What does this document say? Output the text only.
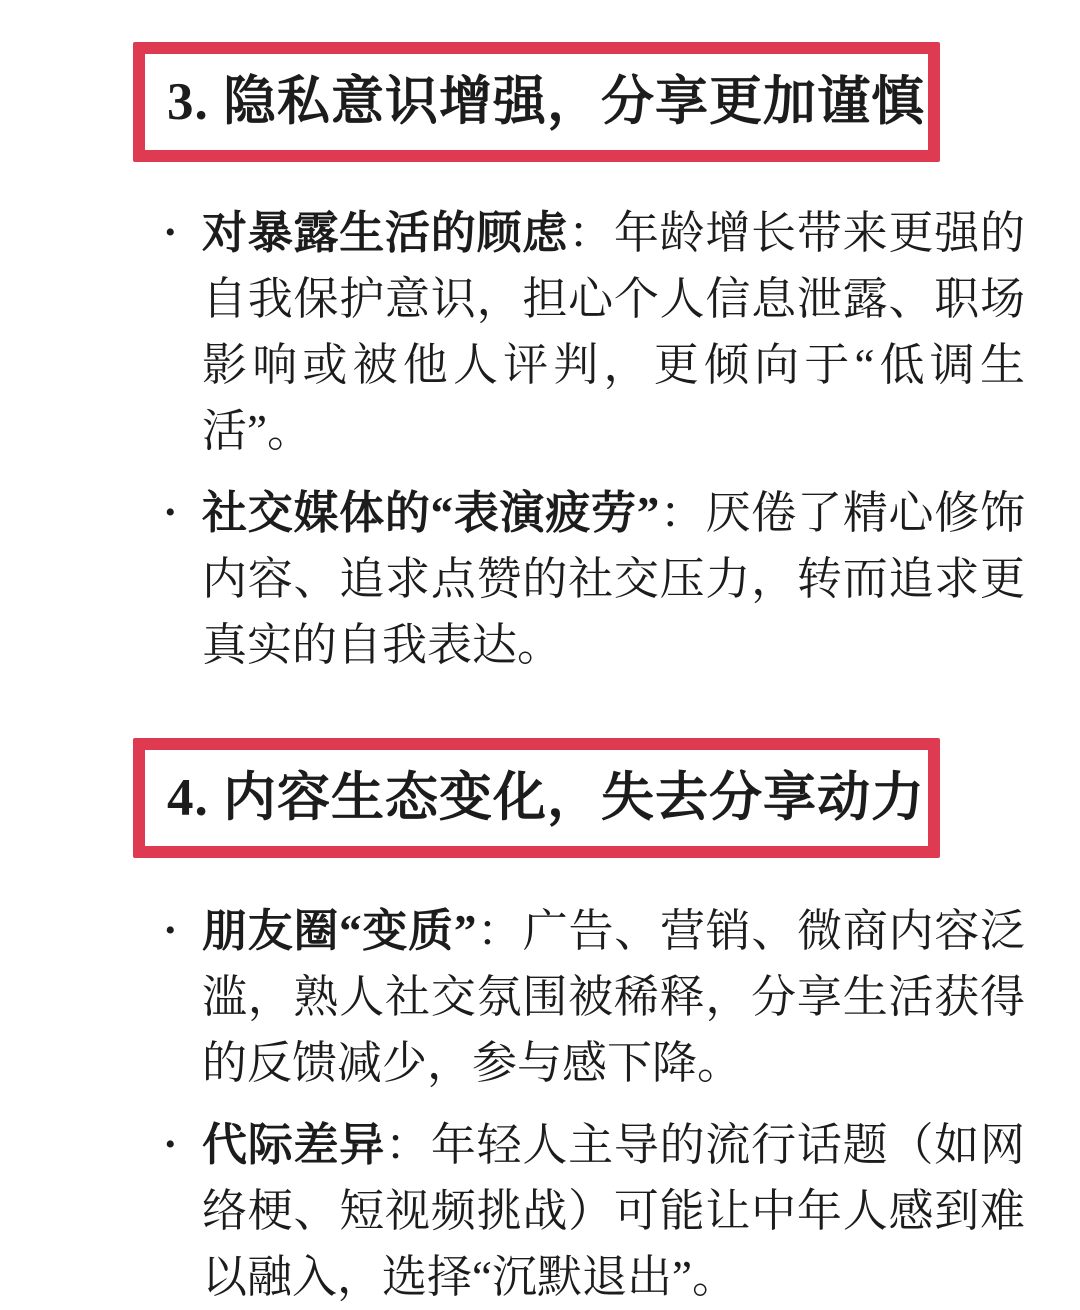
3. 隐私意识增强，分享更加谨慎
• 对暴露生活的顾虑：年龄增长带来更强的自我保护意识，担心个人信息泄露、职场影响或被他人评判，更倾向于“低调生活”。

• 社交媒体的“表演疲劳”：厌倦了精心修饰内容、追求点赞的社交压力，转而追求更真实的自我表达。

4. 内容生态变化，失去分享动力
• 朋友圈“变质”：广告、营销、微商内容泛滥，熟人社交氛围被稀释，分享生活获得的反馈减少，参与感下降。

• 代际差异：年轻人主导的流行话题（如网络梗、短视频挑战）可能让中年人感到难以融入，选择“沉默退出”。
